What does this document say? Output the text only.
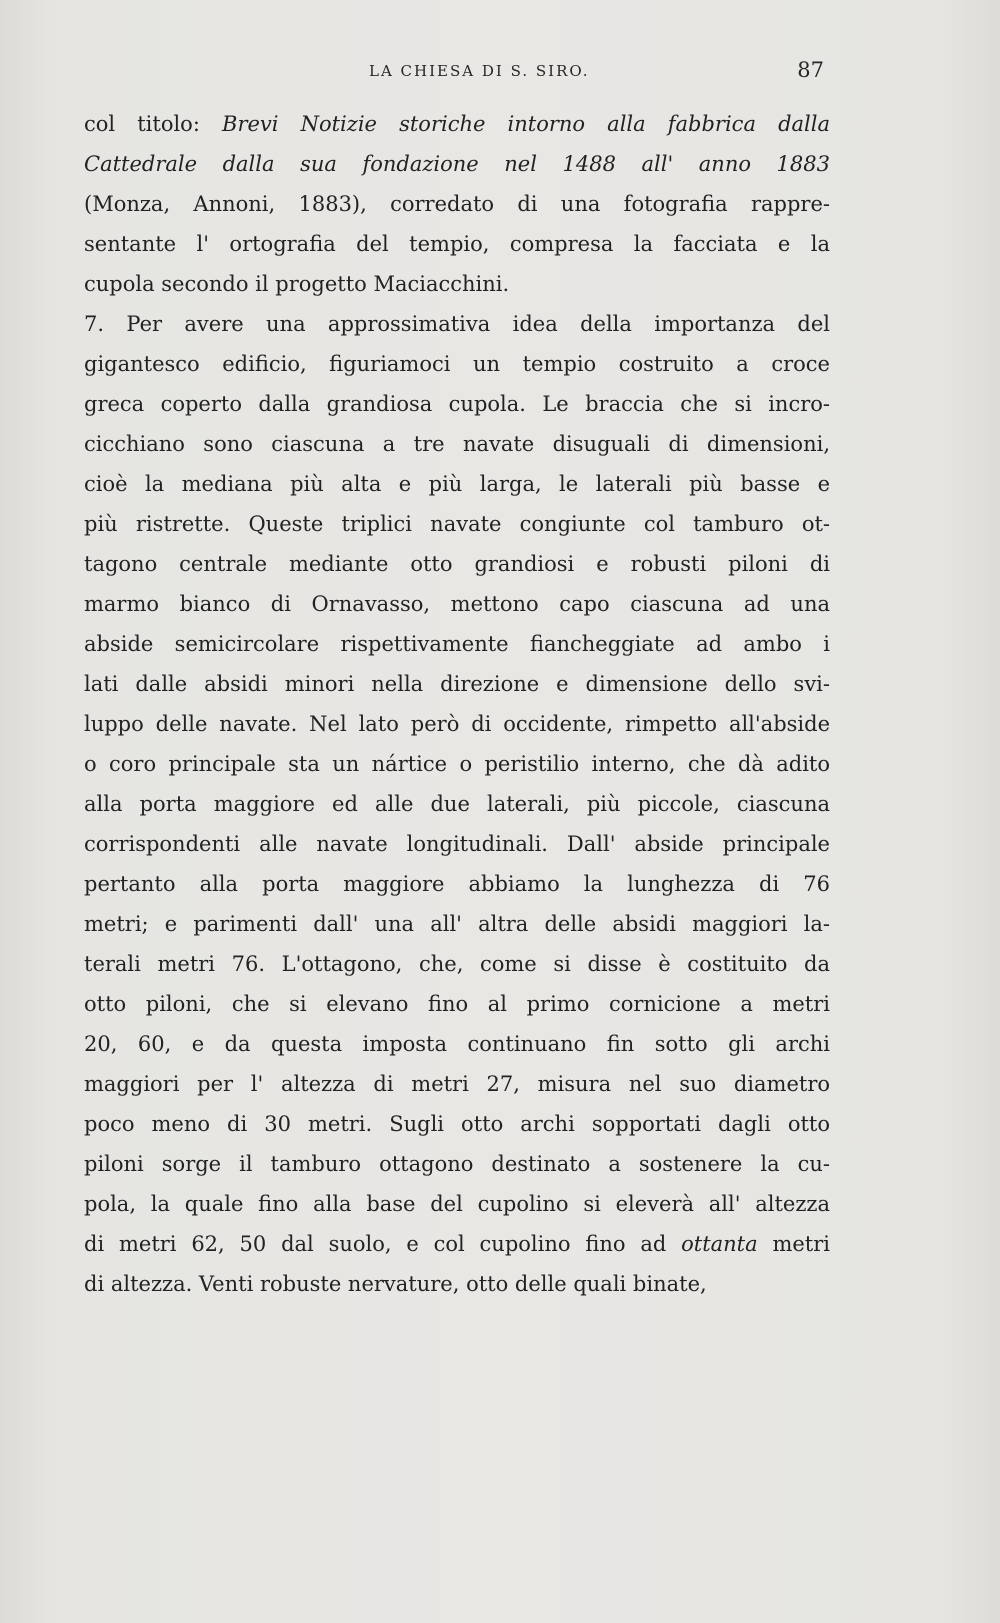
LA CHIESA DI S. SIRO.	87
col titolo: Brevi Notizie storiche intorno alla fabbrica dalla
Cattedrale dalla sua fondazione nel 1488 all' anno 1883
(Monza, Annoni, 1883), corredato di una fotografia rappre-
sentante l' ortografia del tempio, compresa la facciata e la
cupola secondo il progetto Maciacchini.
7. Per avere una approssimativa idea della importanza del
gigantesco edificio, figuriamoci un tempio costruito a croce
greca coperto dalla grandiosa cupola. Le braccia che si incro-
cicchiano sono ciascuna a tre navate disuguali di dimensioni,
cioè la mediana più alta e più larga, le laterali più basse e
più ristrette. Queste triplici navate congiunte col tamburo ot-
tagono centrale mediante otto grandiosi e robusti piloni di
marmo bianco di Ornavasso, mettono capo ciascuna ad una
abside semicircolare rispettivamente fiancheggiate ad ambo i
lati dalle absidi minori nella direzione e dimensione dello svi-
luppo delle navate. Nel lato però di occidente, rimpetto all'abside
o coro principale sta un nártice o peristilio interno, che dà adito
alla porta maggiore ed alle due laterali, più piccole, ciascuna
corrispondenti alle navate longitudinali. Dall' abside principale
pertanto alla porta maggiore abbiamo la lunghezza di 76
metri; e parimenti dall' una all' altra delle absidi maggiori la-
terali metri 76. L'ottagono, che, come si disse è costituito da
otto piloni, che si elevano fino al primo cornicione a metri
20, 60, e da questa imposta continuano fin sotto gli archi
maggiori per l' altezza di metri 27, misura nel suo diametro
poco meno di 30 metri. Sugli otto archi sopportati dagli otto
piloni sorge il tamburo ottagono destinato a sostenere la cu-
pola, la quale fino alla base del cupolino si eleverà all' altezza
di metri 62, 50 dal suolo, e col cupolino fino ad ottanta metri
di altezza. Venti robuste nervature, otto delle quali binate,
